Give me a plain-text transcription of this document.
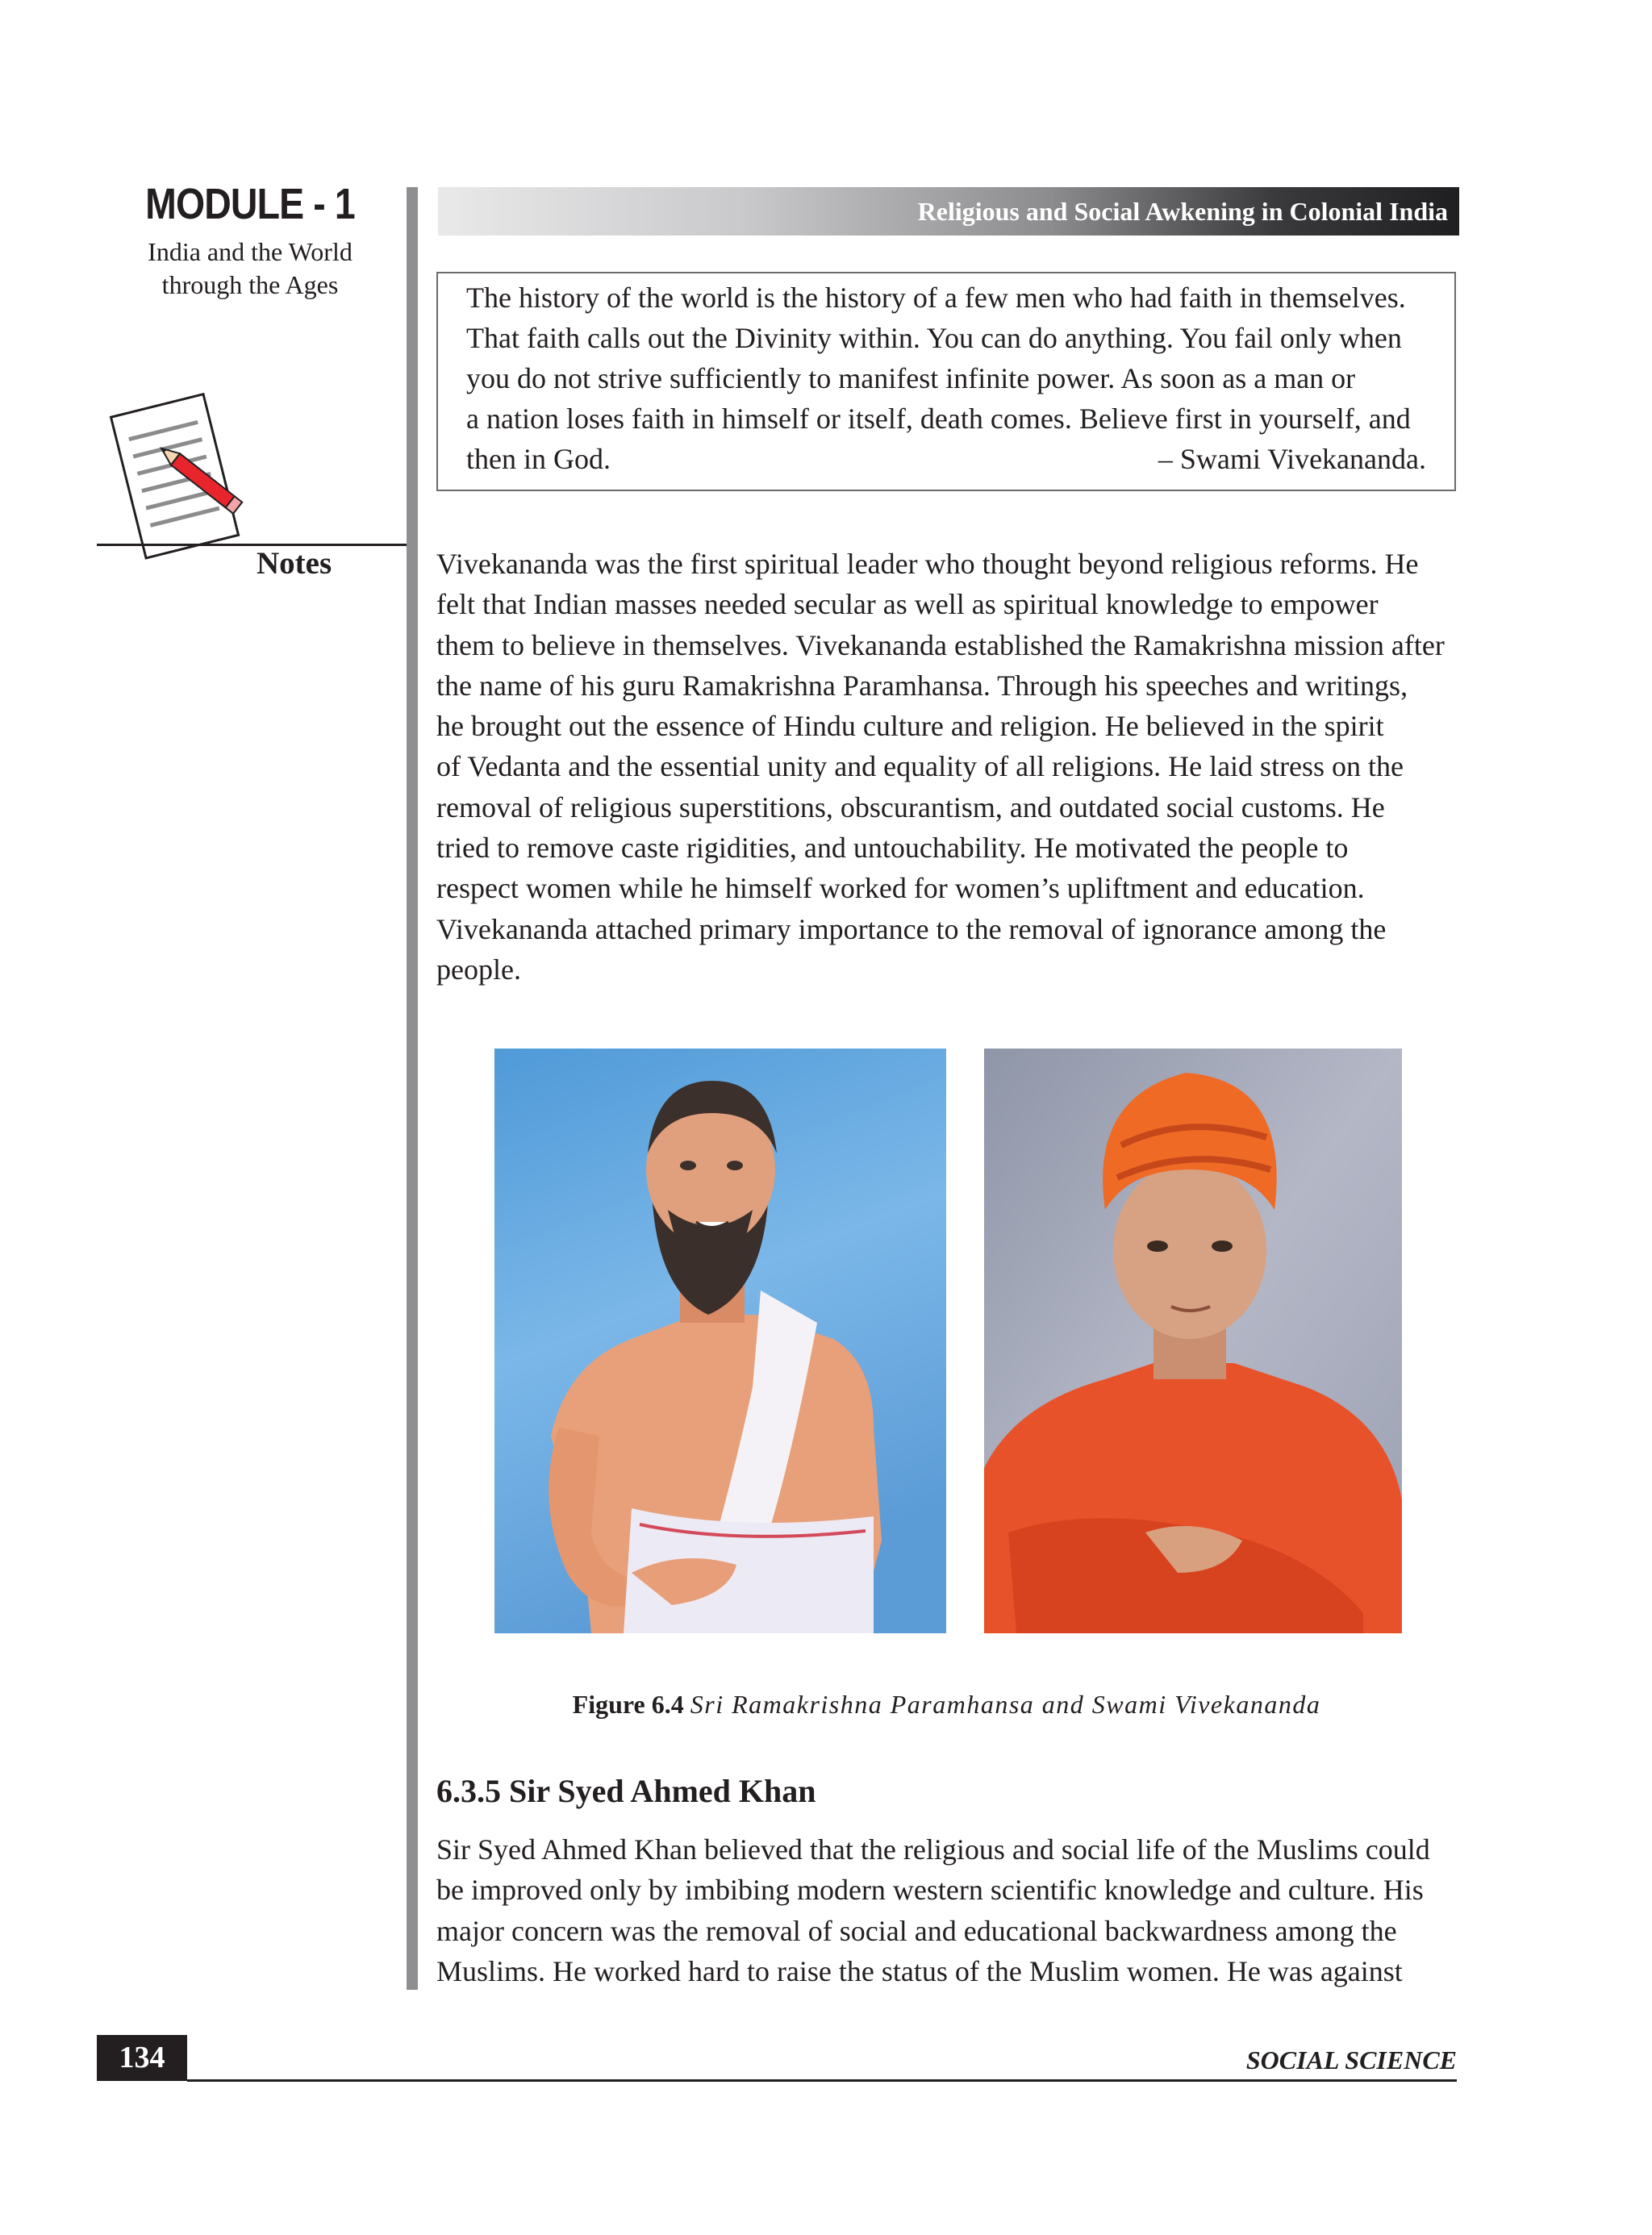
MODULE - 1
India and the World
through the Ages
Notes
Religious and Social Awkening in Colonial India
The history of the world is the history of a few men who had faith in themselves.
That faith calls out the Divinity within. You can do anything. You fail only when
you do not strive sufficiently to manifest infinite power. As soon as a man or
a nation loses faith in himself or itself, death comes. Believe first in yourself, and
then in God.	– Swami Vivekananda.
Vivekananda was the first spiritual leader who thought beyond religious reforms. He
felt that Indian masses needed secular as well as spiritual knowledge to empower
them to believe in themselves. Vivekananda established the Ramakrishna mission after
the name of his guru Ramakrishna Paramhansa. Through his speeches and writings,
he brought out the essence of Hindu culture and religion. He believed in the spirit
of Vedanta and the essential unity and equality of all religions. He laid stress on the
removal of religious superstitions, obscurantism, and outdated social customs. He
tried to remove caste rigidities, and untouchability. He motivated the people to
respect women while he himself worked for women’s upliftment and education.
Vivekananda attached primary importance to the removal of ignorance among the
people.
Figure 6.4 Sri Ramakrishna Paramhansa and Swami Vivekananda
6.3.5 Sir Syed Ahmed Khan
Sir Syed Ahmed Khan believed that the religious and social life of the Muslims could
be improved only by imbibing modern western scientific knowledge and culture. His
major concern was the removal of social and educational backwardness among the
Muslims. He worked hard to raise the status of the Muslim women. He was against
134	SOCIAL SCIENCE
